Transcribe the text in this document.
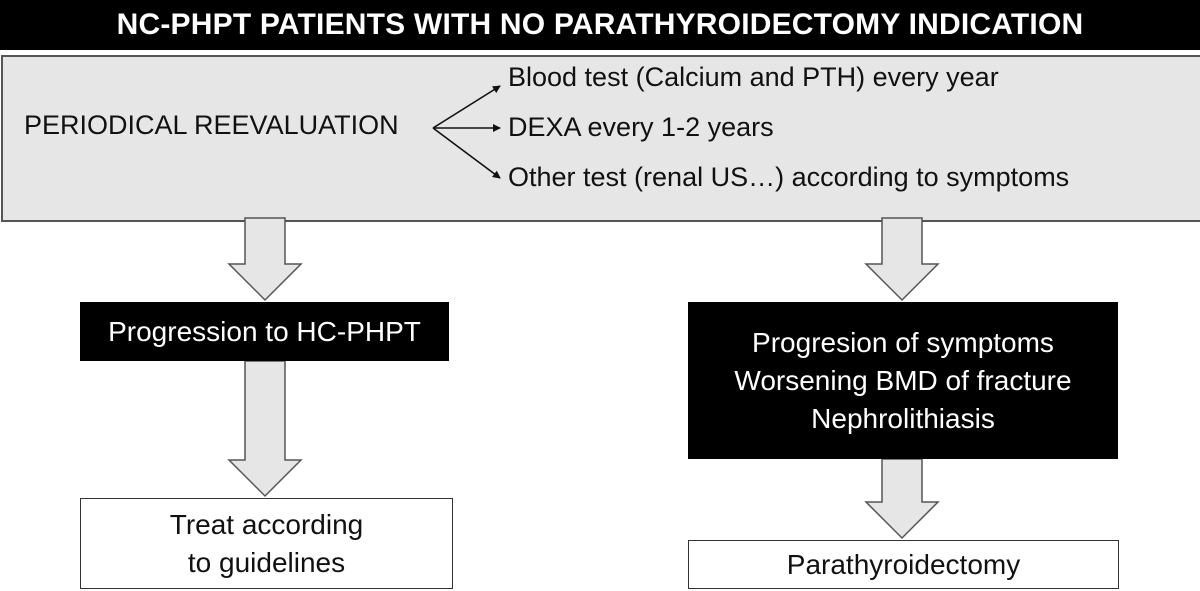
NC-PHPT PATIENTS WITH NO PARATHYROIDECTOMY INDICATION
PERIODICAL REEVALUATION
Blood test (Calcium and PTH) every year
DEXA every 1-2 years
Other test (renal US…) according to symptoms
Progression to HC-PHPT	Progresion of symptoms
Worsening BMD of fracture
Nephrolithiasis
Treat according
to guidelines	Parathyroidectomy
